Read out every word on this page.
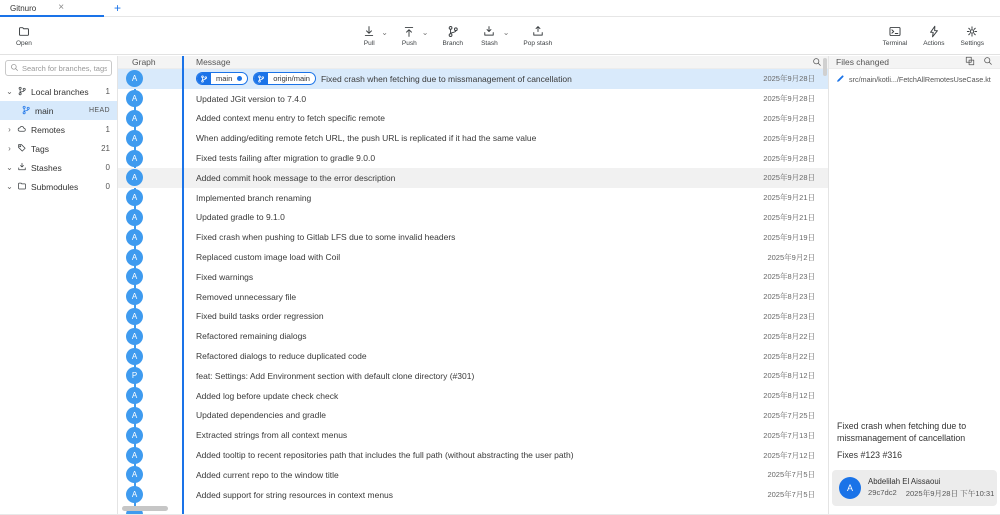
Gitnuro ×	+
Open	Pull
⌄
Push
⌄
Branch	Stash
⌄
Pop stash	Terminal Actions Settings
Search for branches, tags ...
⌄ Local branches 1
main	HEAD
› Remotes	1
› Tags	21
⌄ Stashes	0
⌄ Submodules	0
Graph	Message
A	main	origin/main	Fixed crash when fetching due to missmanagement of cancellation	2025年9月28日
A	Updated JGit version to 7.4.0	2025年9月28日
A	Added context menu entry to fetch specific remote	2025年9月28日
A	When adding/editing remote fetch URL, the push URL is replicated if it had the same value	2025年9月28日
A	Fixed tests failing after migration to gradle 9.0.0	2025年9月28日
A	Added commit hook message to the error description	2025年9月28日
A	Implemented branch renaming	2025年9月21日
A	Updated gradle to 9.1.0	2025年9月21日
A	Fixed crash when pushing to Gitlab LFS due to some invalid headers	2025年9月19日
A	Replaced custom image load with Coil	2025年9月2日
A	Fixed warnings	2025年8月23日
A	Removed unnecessary file	2025年8月23日
A	Fixed build tasks order regression	2025年8月23日
A	Refactored remaining dialogs	2025年8月22日
A	Refactored dialogs to reduce duplicated code	2025年8月22日
P	feat: Settings: Add Environment section with default clone directory (#301)	2025年8月12日
A	Added log before update check check	2025年8月12日
A	Updated dependencies and gradle	2025年7月25日
A	Extracted strings from all context menus	2025年7月13日
A	Added tooltip to recent repositories path that includes the full path (without abstracting the user path)	2025年7月12日
A	Added current repo to the window title	2025年7月5日
A	Added support for string resources in context menus	2025年7月5日
Files changed
src/main/kotli.../FetchAllRemotesUseCase.kt
Fixed crash when fetching due to missmanagement of cancellation
Fixes #123 #316
A
Abdelilah El Aissaoui
29c7dc2 2025年9月28日 下午10:31
